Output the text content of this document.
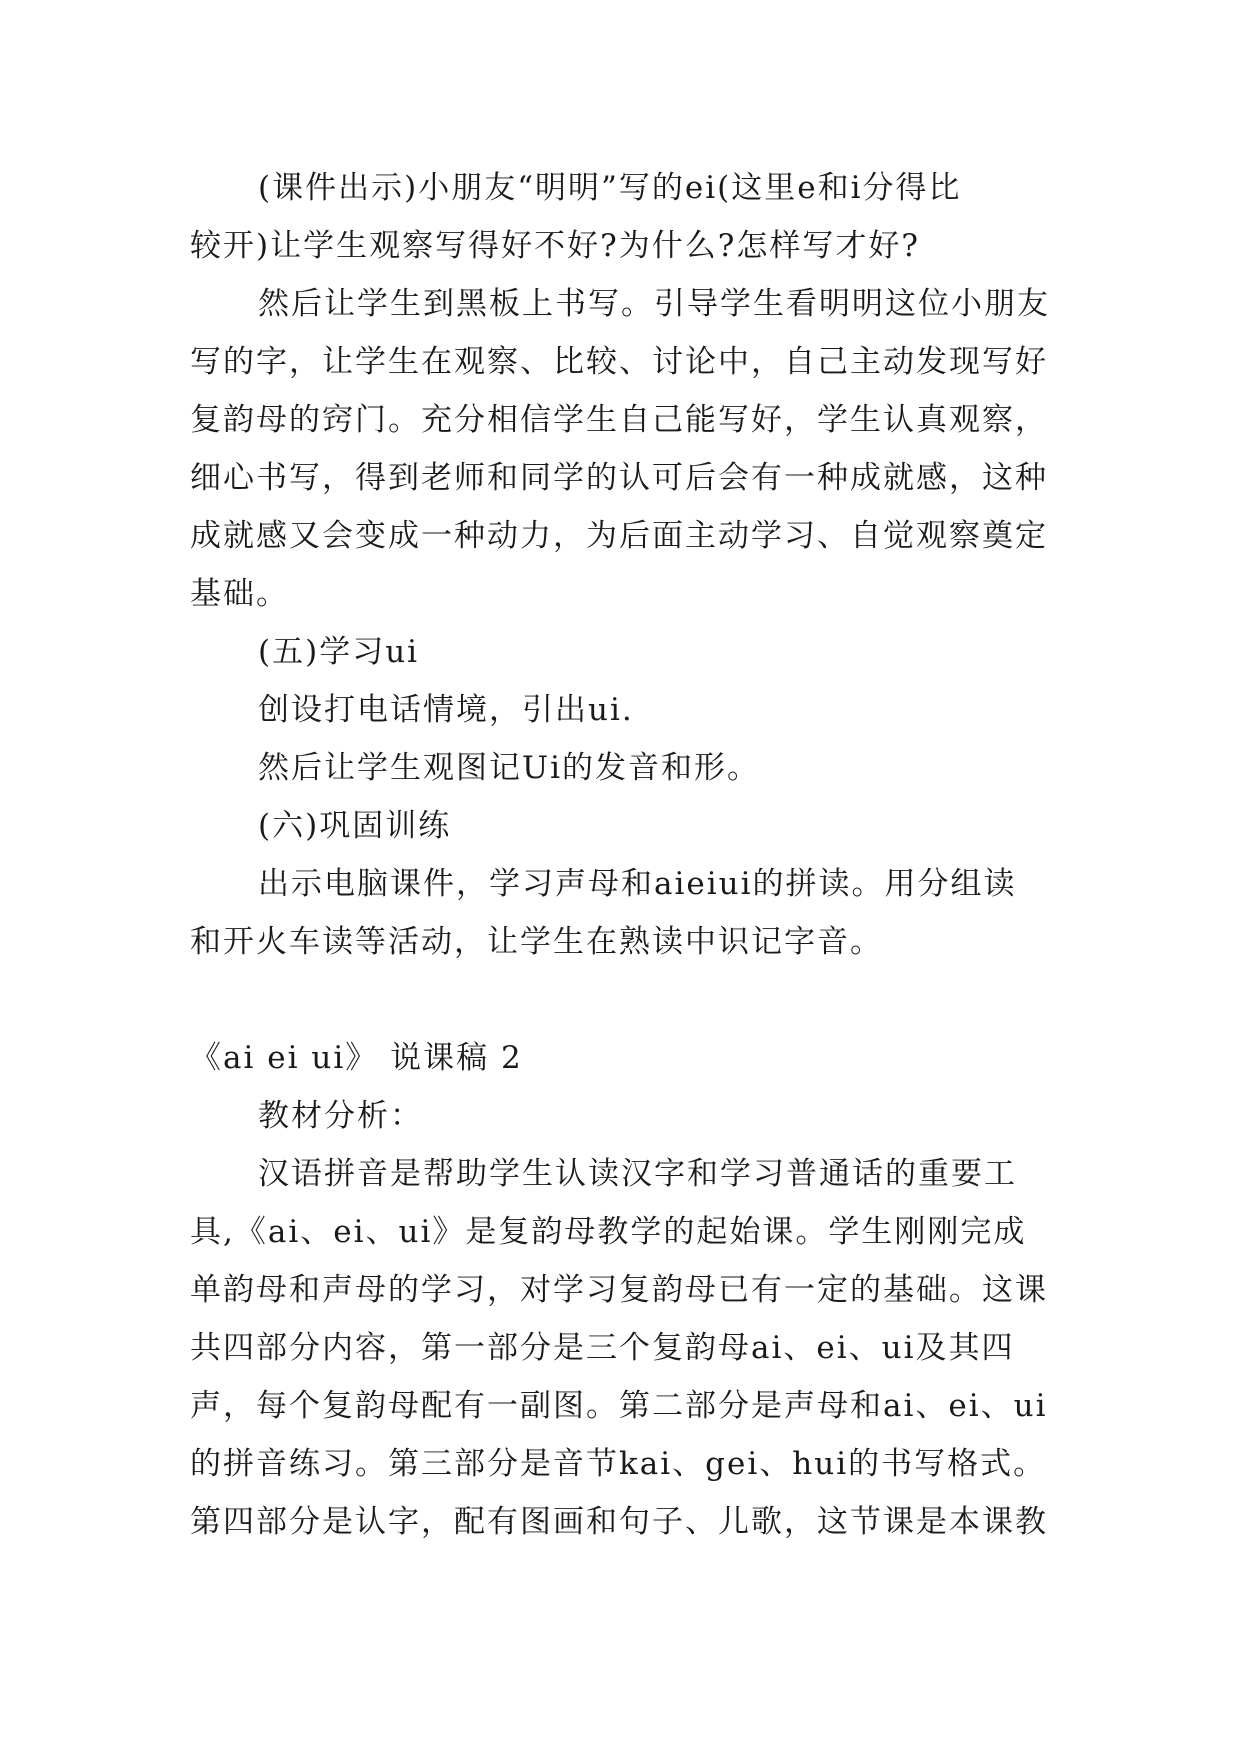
(课件出示)小朋友“明明”写的ei(这里e和i分得比
较开)让学生观察写得好不好?为什么?怎样写才好?
然后让学生到黑板上书写。引导学生看明明这位小朋友
写的字，让学生在观察、比较、讨论中，自己主动发现写好
复韵母的窍门。充分相信学生自己能写好，学生认真观察，
细心书写，得到老师和同学的认可后会有一种成就感，这种
成就感又会变成一种动力，为后面主动学习、自觉观察奠定
基础。
(五)学习ui
创设打电话情境，引出ui.
然后让学生观图记Ui的发音和形。
(六)巩固训练
出示电脑课件，学习声母和aieiui的拼读。用分组读
和开火车读等活动，让学生在熟读中识记字音。
《ai ei ui》 说课稿 2
教材分析：
汉语拼音是帮助学生认读汉字和学习普通话的重要工
具,《ai、ei、ui》是复韵母教学的起始课。学生刚刚完成
单韵母和声母的学习，对学习复韵母已有一定的基础。这课
共四部分内容，第一部分是三个复韵母ai、ei、ui及其四
声，每个复韵母配有一副图。第二部分是声母和ai、ei、ui
的拼音练习。第三部分是音节kai、gei、hui的书写格式。
第四部分是认字，配有图画和句子、儿歌，这节课是本课教
